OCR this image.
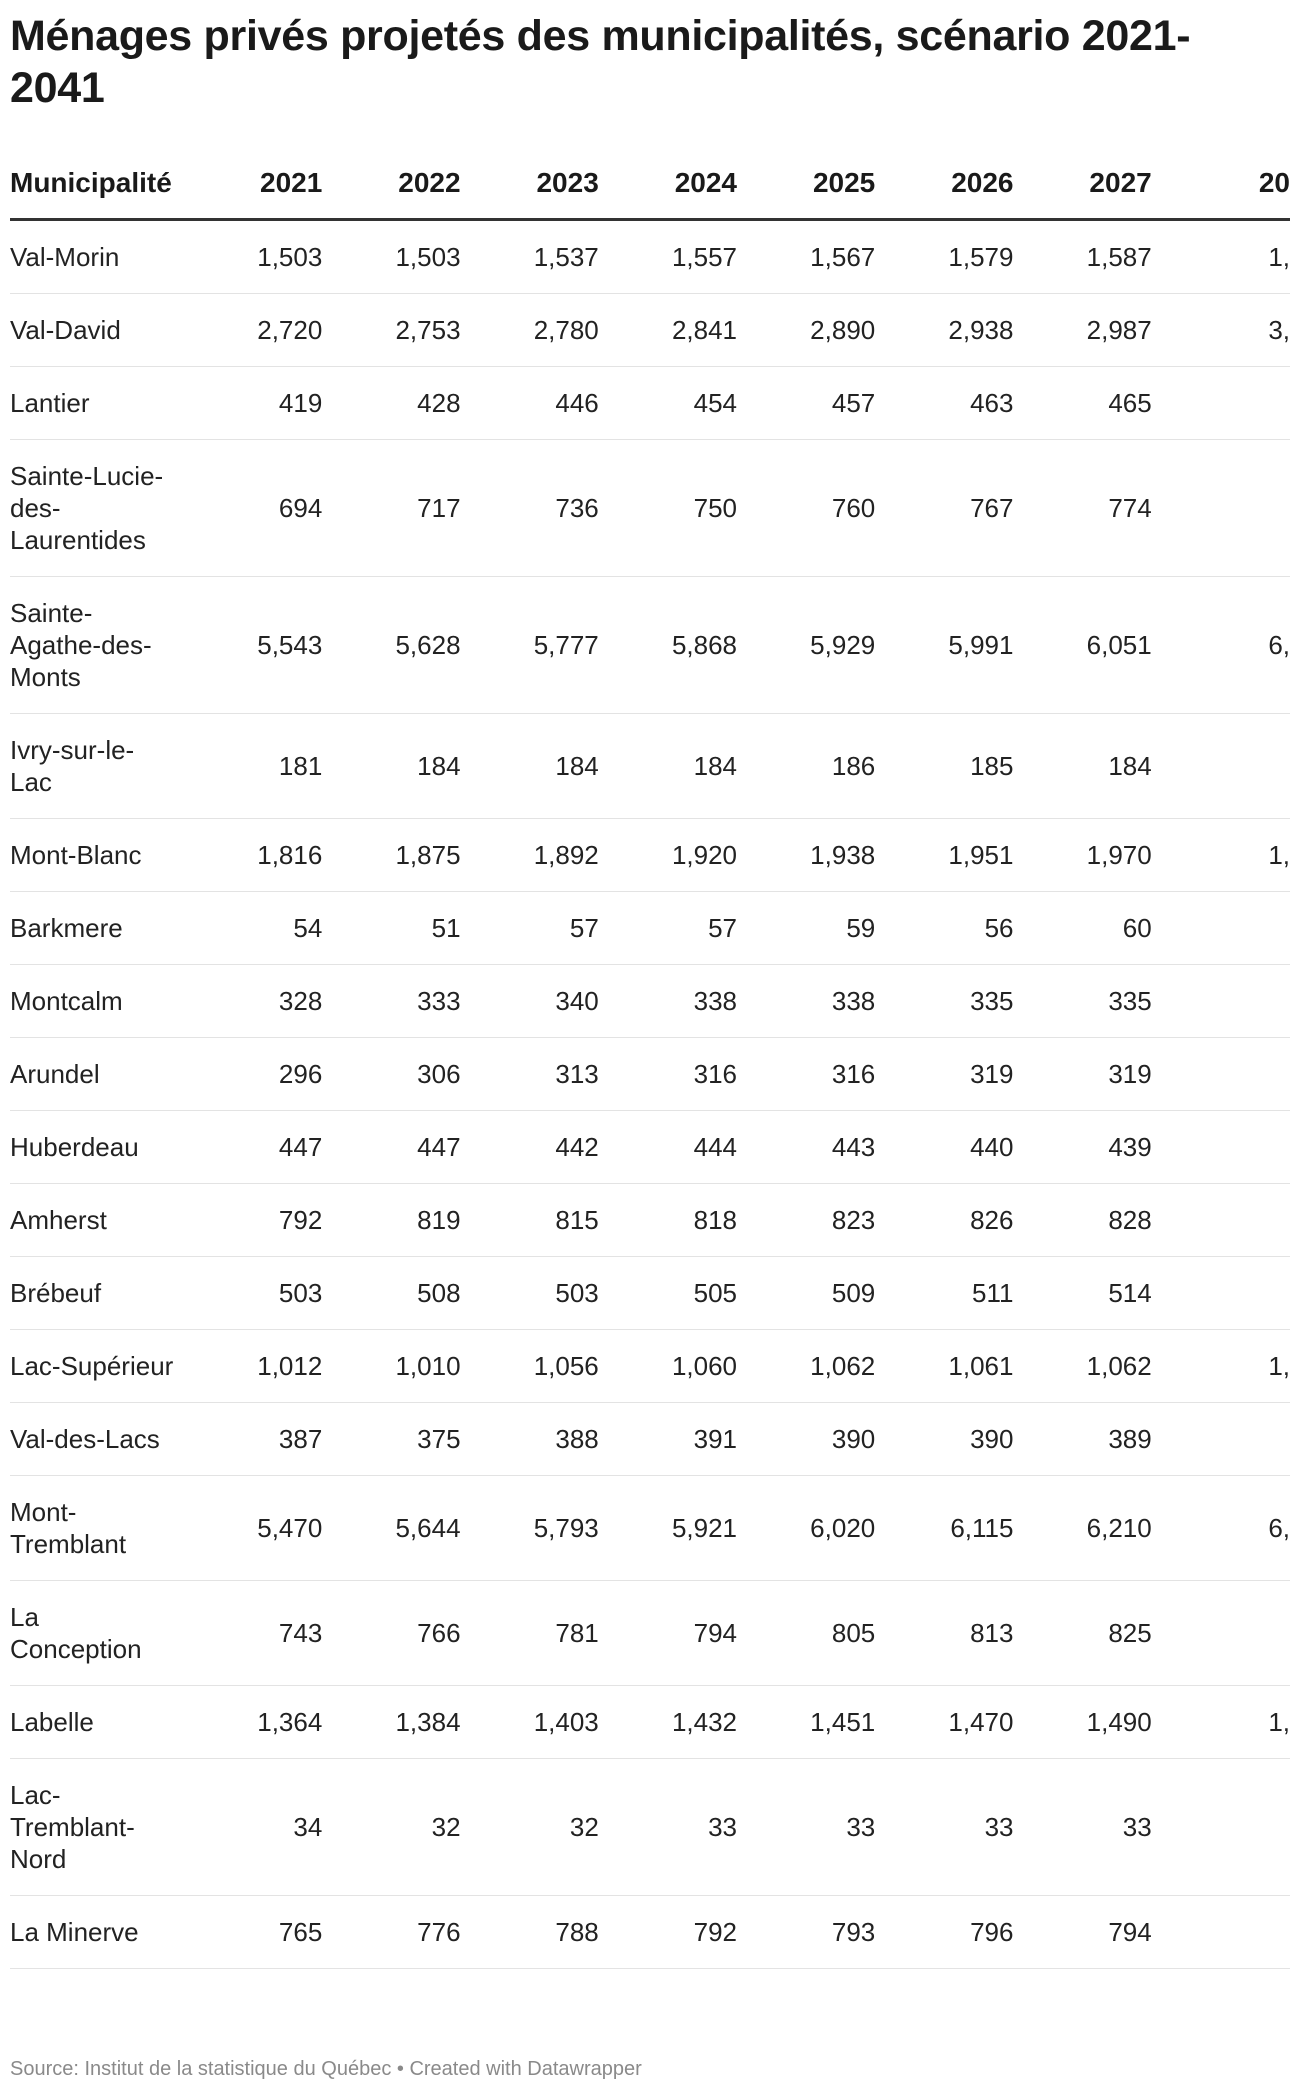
Ménages privés projetés des municipalités, scénario 2021-2041
Municipalité	2021	2022	2023	2024	2025	2026	2027	20
Val-Morin	1,503	1,503	1,537	1,557	1,567	1,579	1,587	1,
Val-David	2,720	2,753	2,780	2,841	2,890	2,938	2,987	3,
Lantier	419	428	446	454	457	463	465	
Sainte-Lucie-des-Laurentides	694	717	736	750	760	767	774	
Sainte-Agathe-des-Monts	5,543	5,628	5,777	5,868	5,929	5,991	6,051	6,
Ivry-sur-le-Lac	181	184	184	184	186	185	184	
Mont-Blanc	1,816	1,875	1,892	1,920	1,938	1,951	1,970	1,
Barkmere	54	51	57	57	59	56	60	
Montcalm	328	333	340	338	338	335	335	
Arundel	296	306	313	316	316	319	319	
Huberdeau	447	447	442	444	443	440	439	
Amherst	792	819	815	818	823	826	828	
Brébeuf	503	508	503	505	509	511	514	
Lac-Supérieur	1,012	1,010	1,056	1,060	1,062	1,061	1,062	1,
Val-des-Lacs	387	375	388	391	390	390	389	
Mont-Tremblant	5,470	5,644	5,793	5,921	6,020	6,115	6,210	6,
La Conception	743	766	781	794	805	813	825	
Labelle	1,364	1,384	1,403	1,432	1,451	1,470	1,490	1,
Lac-Tremblant-Nord	34	32	32	33	33	33	33	
La Minerve	765	776	788	792	793	796	794	
Source: Institut de la statistique du Québec • Created with Datawrapper
